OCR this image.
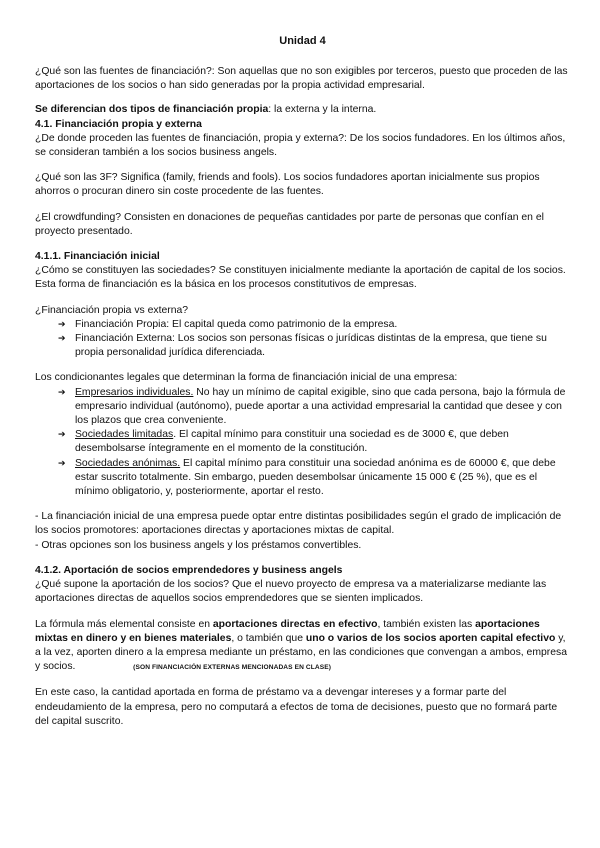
Unidad 4

¿Qué son las fuentes de financiación?: Son aquellas que no son exigibles por terceros, puesto que proceden de las aportaciones de los socios o han sido generadas por la propia actividad empresarial.

Se diferencian dos tipos de financiación propia: la externa y la interna.

4.1. Financiación propia y externa

¿De donde proceden las fuentes de financiación, propia y externa?: De los socios fundadores. En los últimos años, se consideran también a los socios business angels.

¿Qué son las 3F? Significa (family, friends and fools). Los socios fundadores aportan inicialmente sus propios ahorros o procuran dinero sin coste procedente de las fuentes.

¿El crowdfunding? Consisten en donaciones de pequeñas cantidades por parte de personas que confían en el proyecto presentado.

4.1.1. Financiación inicial

¿Cómo se constituyen las sociedades? Se constituyen inicialmente mediante la aportación de capital de los socios. Esta forma de financiación es la básica en los procesos constitutivos de empresas.

¿Financiación propia vs externa?

➔ Financiación Propia: El capital queda como patrimonio de la empresa.
➔ Financiación Externa: Los socios son personas físicas o jurídicas distintas de la empresa, que tiene su propia personalidad jurídica diferenciada.

Los condicionantes legales que determinan la forma de financiación inicial de una empresa:

➔ Empresarios individuales. No hay un mínimo de capital exigible, sino que cada persona, bajo la fórmula de empresario individual (autónomo), puede aportar a una actividad empresarial la cantidad que desee y con los plazos que crea conveniente.
➔ Sociedades limitadas. El capital mínimo para constituir una sociedad es de 3000 €, que deben desembolsarse íntegramente en el momento de la constitución.
➔ Sociedades anónimas. El capital mínimo para constituir una sociedad anónima es de 60000 €, que debe estar suscrito totalmente. Sin embargo, pueden desembolsar únicamente 15 000 € (25 %), que es el mínimo obligatorio, y, posteriormente, aportar el resto.

- La financiación inicial de una empresa puede optar entre distintas posibilidades según el grado de implicación de los socios promotores: aportaciones directas y aportaciones mixtas de capital.

- Otras opciones son los business angels y los préstamos convertibles.

4.1.2. Aportación de socios emprendedores y business angels

¿Qué supone la aportación de los socios? Que el nuevo proyecto de empresa va a materializarse mediante las aportaciones directas de aquellos socios emprendedores que se sienten implicados.

La fórmula más elemental consiste en aportaciones directas en efectivo, también existen las aportaciones mixtas en dinero y en bienes materiales, o también que uno o varios de los socios aporten capital efectivo y, a la vez, aporten dinero a la empresa mediante un préstamo, en las condiciones que convengan a ambos, empresa y socios.	(SON FINANCIACIÓN EXTERNAS MENCIONADAS EN CLASE)

En este caso, la cantidad aportada en forma de préstamo va a devengar intereses y a formar parte del endeudamiento de la empresa, pero no computará a efectos de toma de decisiones, puesto que no formará parte del capital suscrito.
